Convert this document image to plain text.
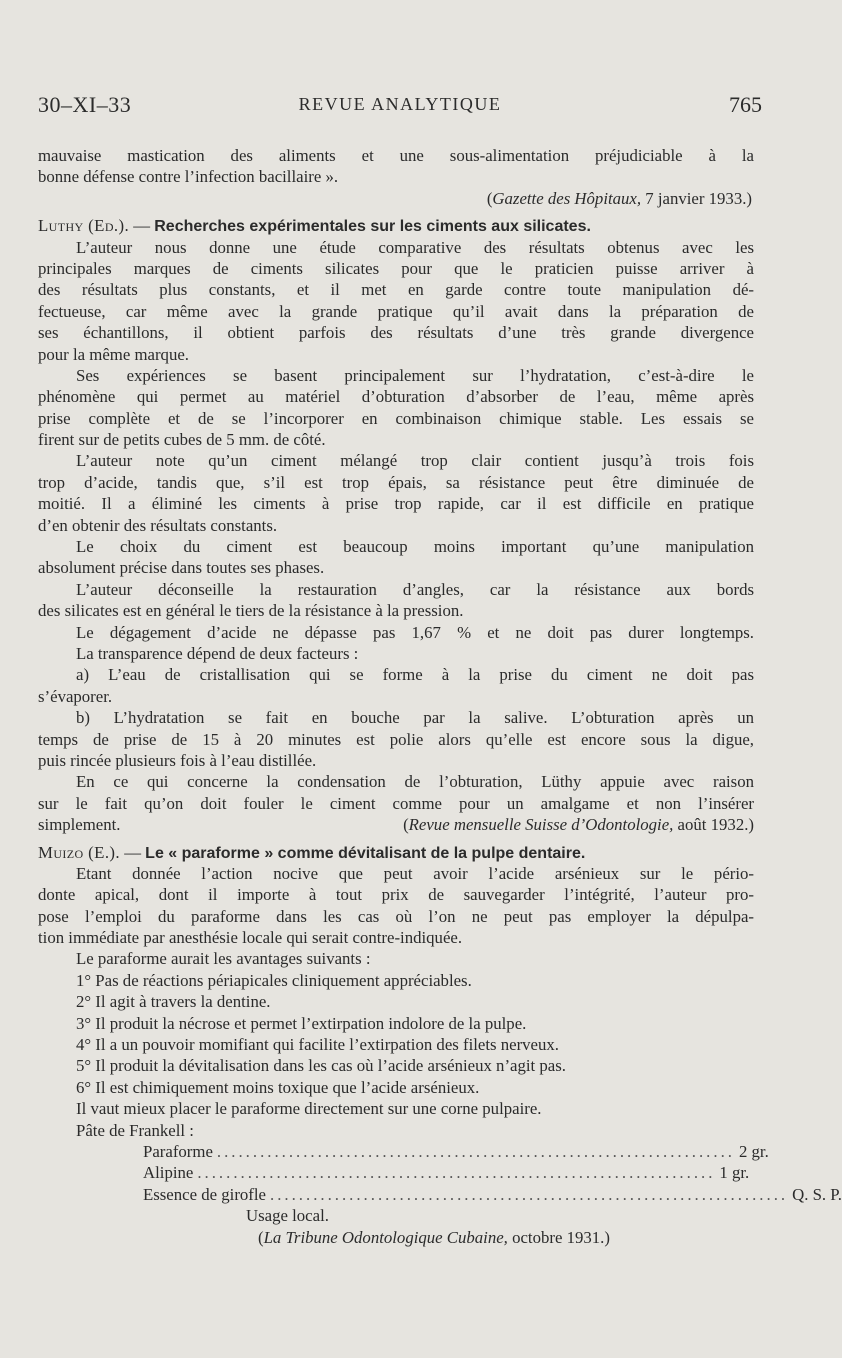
30–XI–33	REVUE ANALYTIQUE	765
mauvaise mastication des aliments et une sous-alimentation préjudiciable à la
bonne défense contre l’infection bacillaire ».
(Gazette des Hôpitaux, 7 janvier 1933.)
Luthy (Ed.). — Recherches expérimentales sur les ciments aux silicates.
L’auteur nous donne une étude comparative des résultats obtenus avec les
principales marques de ciments silicates pour que le praticien puisse arriver à
des résultats plus constants, et il met en garde contre toute manipulation dé-
fectueuse, car même avec la grande pratique qu’il avait dans la préparation de
ses échantillons, il obtient parfois des résultats d’une très grande divergence
pour la même marque.
Ses expériences se basent principalement sur l’hydratation, c’est-à-dire le
phénomène qui permet au matériel d’obturation d’absorber de l’eau, même après
prise complète et de se l’incorporer en combinaison chimique stable. Les essais se
firent sur de petits cubes de 5 mm. de côté.
L’auteur note qu’un ciment mélangé trop clair contient jusqu’à trois fois
trop d’acide, tandis que, s’il est trop épais, sa résistance peut être diminuée de
moitié. Il a éliminé les ciments à prise trop rapide, car il est difficile en pratique
d’en obtenir des résultats constants.
Le choix du ciment est beaucoup moins important qu’une manipulation
absolument précise dans toutes ses phases.
L’auteur déconseille la restauration d’angles, car la résistance aux bords
des silicates est en général le tiers de la résistance à la pression.
Le dégagement d’acide ne dépasse pas 1,67 % et ne doit pas durer longtemps.
La transparence dépend de deux facteurs :
a) L’eau de cristallisation qui se forme à la prise du ciment ne doit pas
s’évaporer.
b) L’hydratation se fait en bouche par la salive. L’obturation après un
temps de prise de 15 à 20 minutes est polie alors qu’elle est encore sous la digue,
puis rincée plusieurs fois à l’eau distillée.
En ce qui concerne la condensation de l’obturation, Lüthy appuie avec raison
sur le fait qu’on doit fouler le ciment comme pour un amalgame et non l’insérer
simplement.	(Revue mensuelle Suisse d’Odontologie, août 1932.)
Muizo (E.). — Le « paraforme » comme dévitalisant de la pulpe dentaire.
Etant donnée l’action nocive que peut avoir l’acide arsénieux sur le pério-
donte apical, dont il importe à tout prix de sauvegarder l’intégrité, l’auteur pro-
pose l’emploi du paraforme dans les cas où l’on ne peut pas employer la dépulpa-
tion immédiate par anesthésie locale qui serait contre-indiquée.
Le paraforme aurait les avantages suivants :
1° Pas de réactions périapicales cliniquement appréciables.
2° Il agit à travers la dentine.
3° Il produit la nécrose et permet l’extirpation indolore de la pulpe.
4° Il a un pouvoir momifiant qui facilite l’extirpation des filets nerveux.
5° Il produit la dévitalisation dans les cas où l’acide arsénieux n’agit pas.
6° Il est chimiquement moins toxique que l’acide arsénieux.
Il vaut mieux placer le paraforme directement sur une corne pulpaire.
Pâte de Frankell :
Paraforme ........................................................................ 2 gr.
Alipine ........................................................................ 1 gr.
Essence de girofle ........................................................................ Q. S. P.
Usage local.
(La Tribune Odontologique Cubaine, octobre 1931.)
